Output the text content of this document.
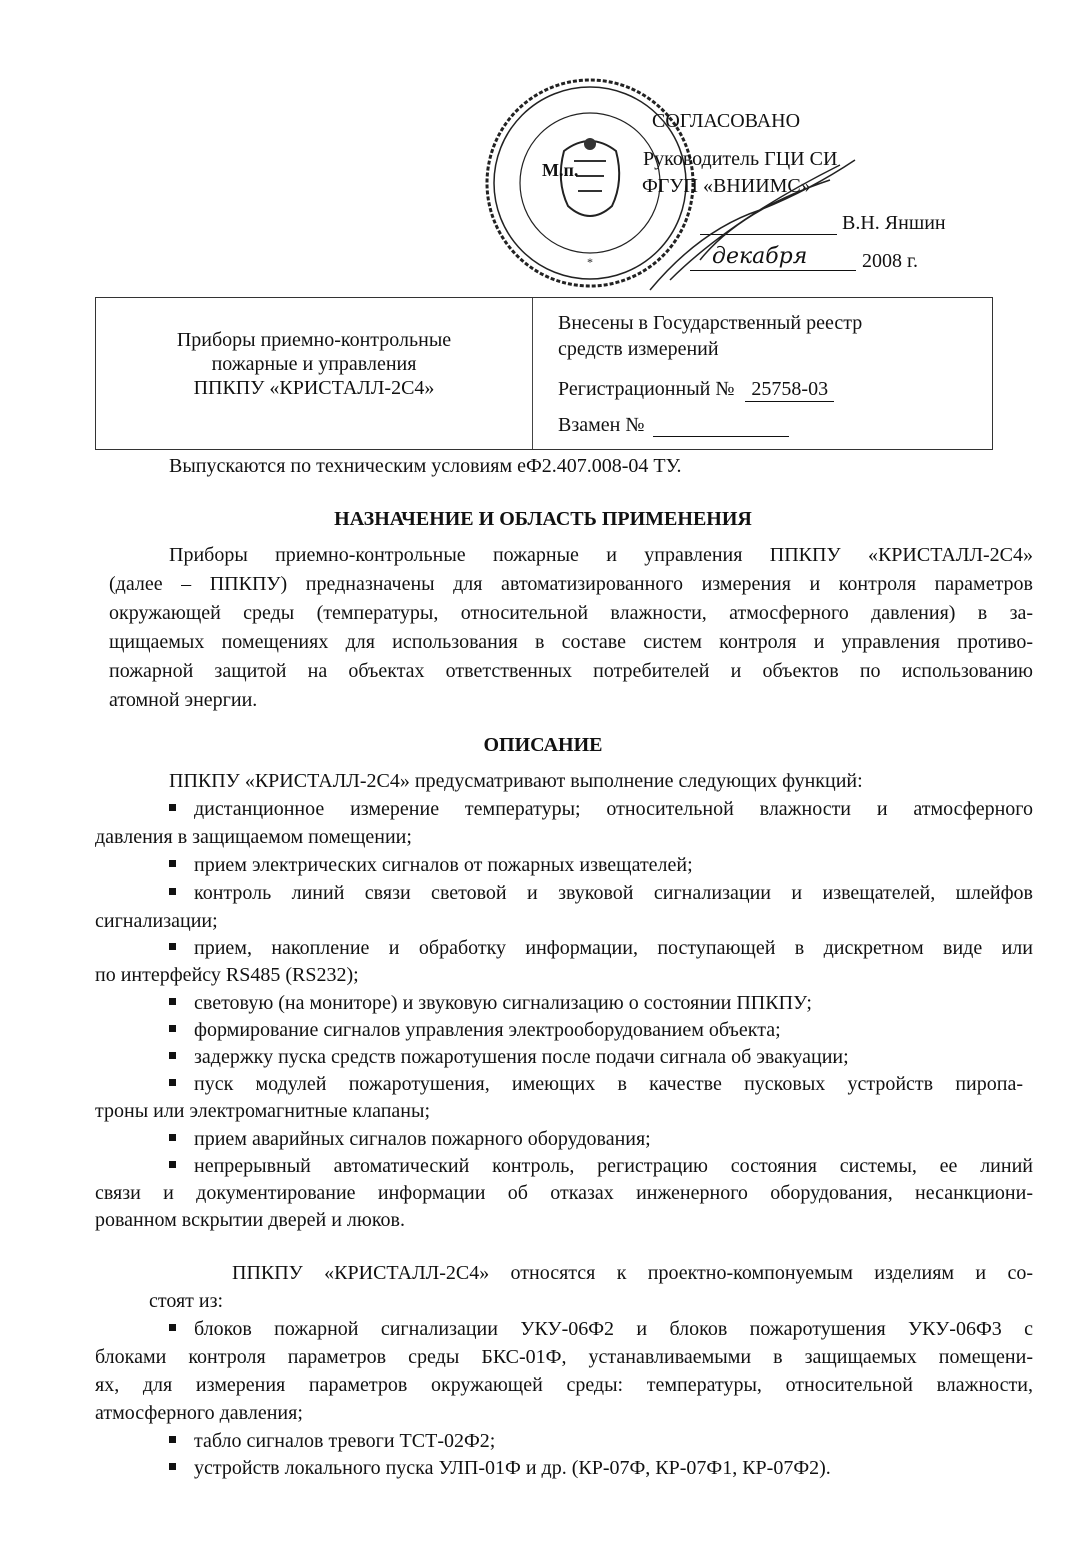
*
М.п.
СОГЛАСОВАНО
Руководитель ГЦИ СИ
ФГУП «ВНИИМС»
В.Н. Яншин
декабря	2008 г.
Приборы приемно-контрольные
пожарные и управления
ППКПУ «КРИСТАЛЛ-2С4»
Внесены в Государственный реестр
средств измерений
Регистрационный № 25758-03
Взамен №
Выпускаются по техническим условиям еФ2.407.008-04 ТУ.
НАЗНАЧЕНИЕ И ОБЛАСТЬ ПРИМЕНЕНИЯ
Приборы приемно-контрольные пожарные и управления ППКПУ «КРИСТАЛЛ-2С4»
(далее – ППКПУ) предназначены для автоматизированного измерения и контроля параметров
окружающей среды (температуры, относительной влажности, атмосферного давления) в за-
щищаемых помещениях для использования в составе систем контроля и управления противо-
пожарной защитой на объектах ответственных потребителей и объектов по использованию
атомной энергии.
ОПИСАНИЕ
ППКПУ «КРИСТАЛЛ-2С4» предусматривают выполнение следующих функций:
дистанционное измерение температуры; относительной влажности и атмосферного
давления в защищаемом помещении;
прием электрических сигналов от пожарных извещателей;
контроль линий связи световой и звуковой сигнализации и извещателей, шлейфов
сигнализации;
прием, накопление и обработку информации, поступающей в дискретном виде или
по интерфейсу RS485 (RS232);
световую (на мониторе) и звуковую сигнализацию о состоянии ППКПУ;
формирование сигналов управления электрооборудованием объекта;
задержку пуска средств пожаротушения после подачи сигнала об эвакуации;
пуск модулей пожаротушения, имеющих в качестве пусковых устройств пиропа-
троны или электромагнитные клапаны;
прием аварийных сигналов пожарного оборудования;
непрерывный автоматический контроль, регистрацию состояния системы, ее линий
связи и документирование информации об отказах инженерного оборудования, несанкциони-
рованном вскрытии дверей и люков.
ППКПУ «КРИСТАЛЛ-2С4» относятся к проектно-компонуемым изделиям и со-
стоят из:
блоков пожарной сигнализации УКУ-06Ф2 и блоков пожаротушения УКУ-06Ф3 с
блоками контроля параметров среды БКС-01Ф, устанавливаемыми в защищаемых помещени-
ях, для измерения параметров окружающей среды: температуры, относительной влажности,
атмосферного давления;
табло сигналов тревоги ТСТ-02Ф2;
устройств локального пуска УЛП-01Ф и др. (КР-07Ф, КР-07Ф1, КР-07Ф2).
